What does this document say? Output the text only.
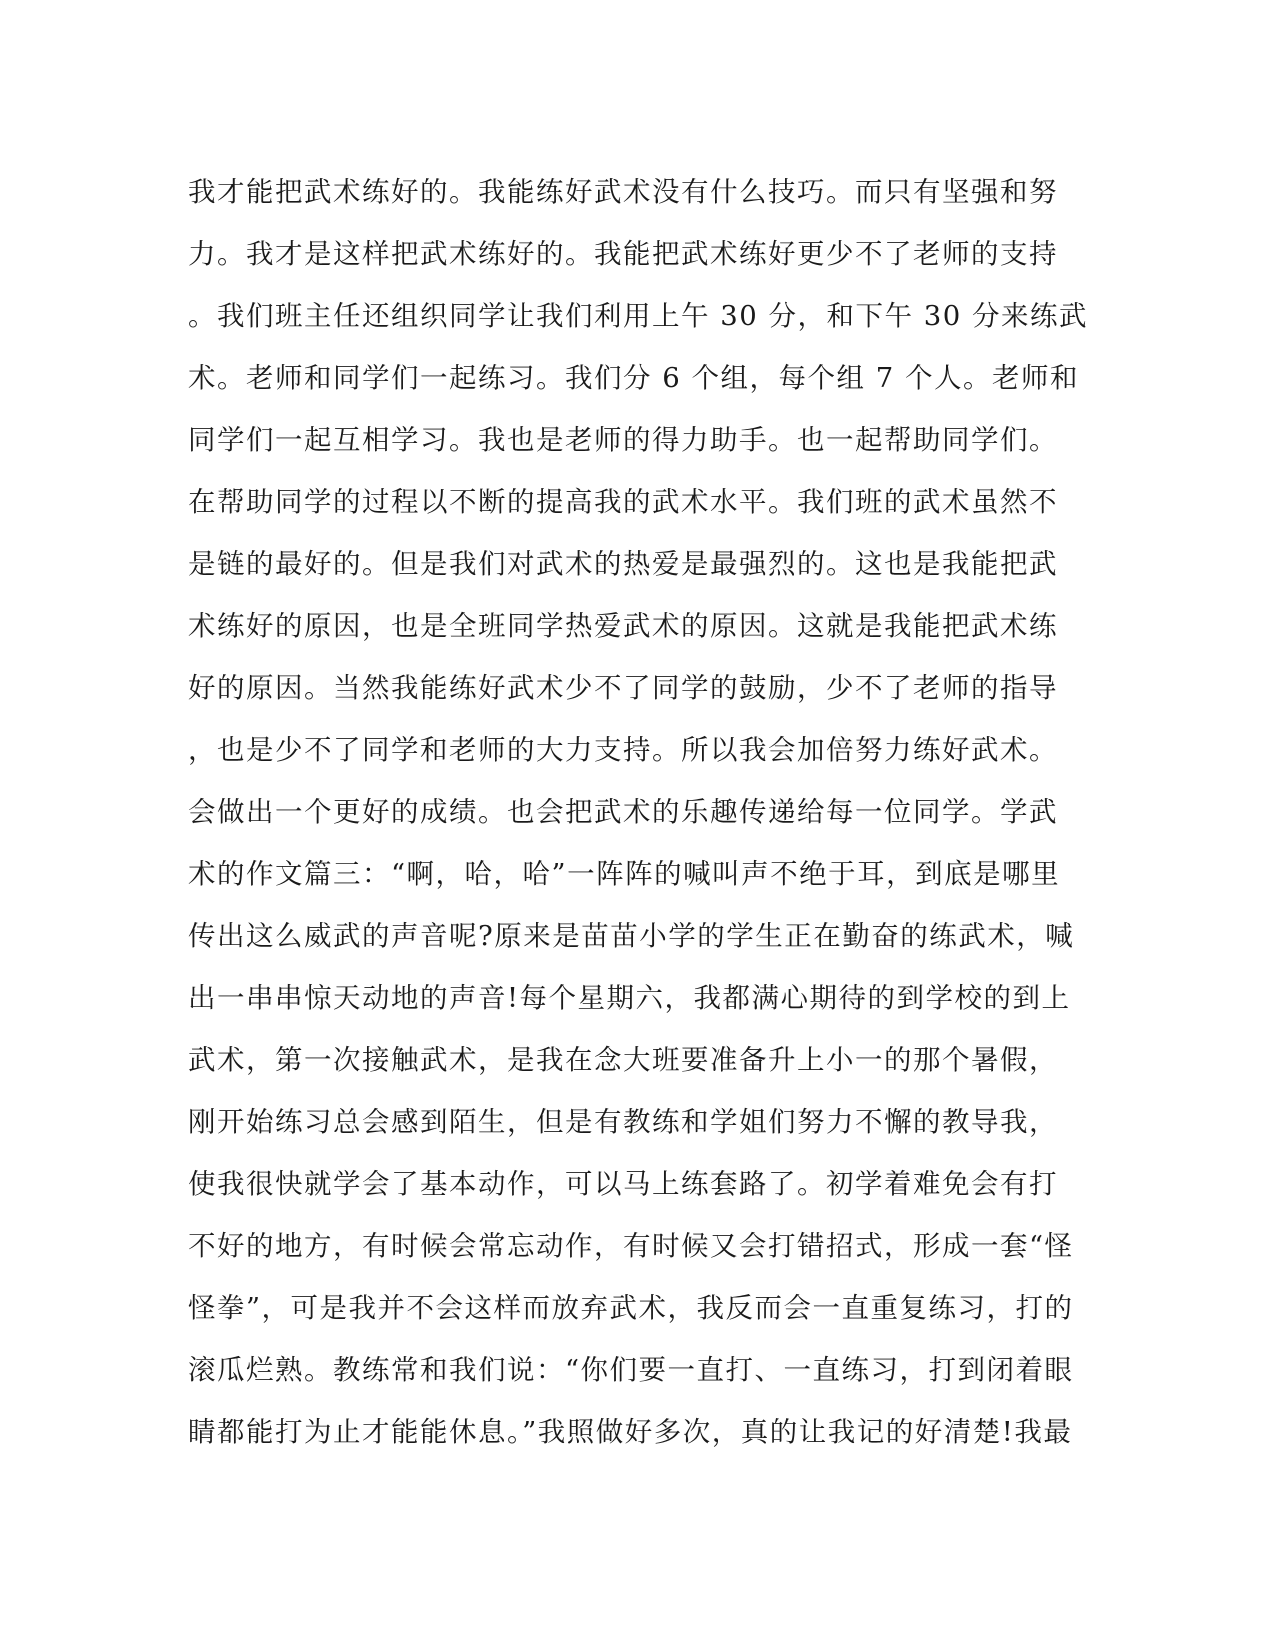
我才能把武术练好的。我能练好武术没有什么技巧。而只有坚强和努
力。我才是这样把武术练好的。我能把武术练好更少不了老师的支持
。我们班主任还组织同学让我们利用上午 30 分，和下午 30 分来练武
术。老师和同学们一起练习。我们分 6 个组，每个组 7 个人。老师和
同学们一起互相学习。我也是老师的得力助手。也一起帮助同学们。
在帮助同学的过程以不断的提高我的武术水平。我们班的武术虽然不
是链的最好的。但是我们对武术的热爱是最强烈的。这也是我能把武
术练好的原因，也是全班同学热爱武术的原因。这就是我能把武术练
好的原因。当然我能练好武术少不了同学的鼓励，少不了老师的指导
，也是少不了同学和老师的大力支持。所以我会加倍努力练好武术。
会做出一个更好的成绩。也会把武术的乐趣传递给每一位同学。学武
术的作文篇三：“啊，哈，哈”一阵阵的喊叫声不绝于耳，到底是哪里
传出这么威武的声音呢?原来是苗苗小学的学生正在勤奋的练武术，喊
出一串串惊天动地的声音!每个星期六，我都满心期待的到学校的到上
武术，第一次接触武术，是我在念大班要准备升上小一的那个暑假，
刚开始练习总会感到陌生，但是有教练和学姐们努力不懈的教导我，
使我很快就学会了基本动作，可以马上练套路了。初学着难免会有打
不好的地方，有时候会常忘动作，有时候又会打错招式，形成一套“怪
怪拳”，可是我并不会这样而放弃武术，我反而会一直重复练习，打的
滚瓜烂熟。教练常和我们说：“你们要一直打、一直练习，打到闭着眼
睛都能打为止才能能休息。”我照做好多次，真的让我记的好清楚!我最
